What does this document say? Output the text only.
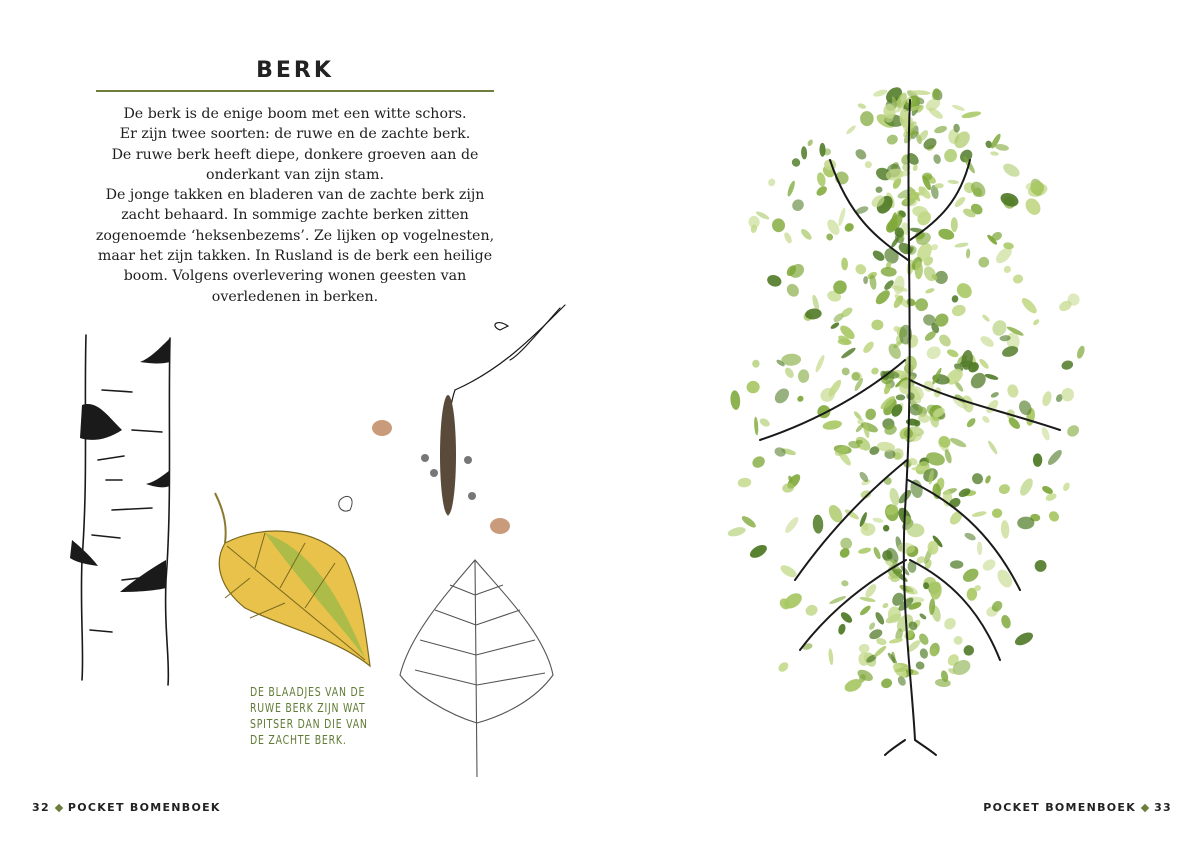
BERK
De berk is de enige boom met een witte schors.
Er zijn twee soorten: de ruwe en de zachte berk.
De ruwe berk heeft diepe, donkere groeven aan de
onderkant van zijn stam.
De jonge takken en bladeren van de zachte berk zijn
zacht behaard. In sommige zachte berken zitten
zogenoemde ‘heksenbezems’. Ze lijken op vogelnesten,
maar het zijn takken. In Rusland is de berk een heilige
boom. Volgens overlevering wonen geesten van
overledenen in berken.
DE BLAADJES VAN DE
RUWE BERK ZIJN WAT
SPITSER DAN DIE VAN
DE ZACHTE BERK.
32 POCKET BOMENBOEK	POCKET BOMENBOEK 33
